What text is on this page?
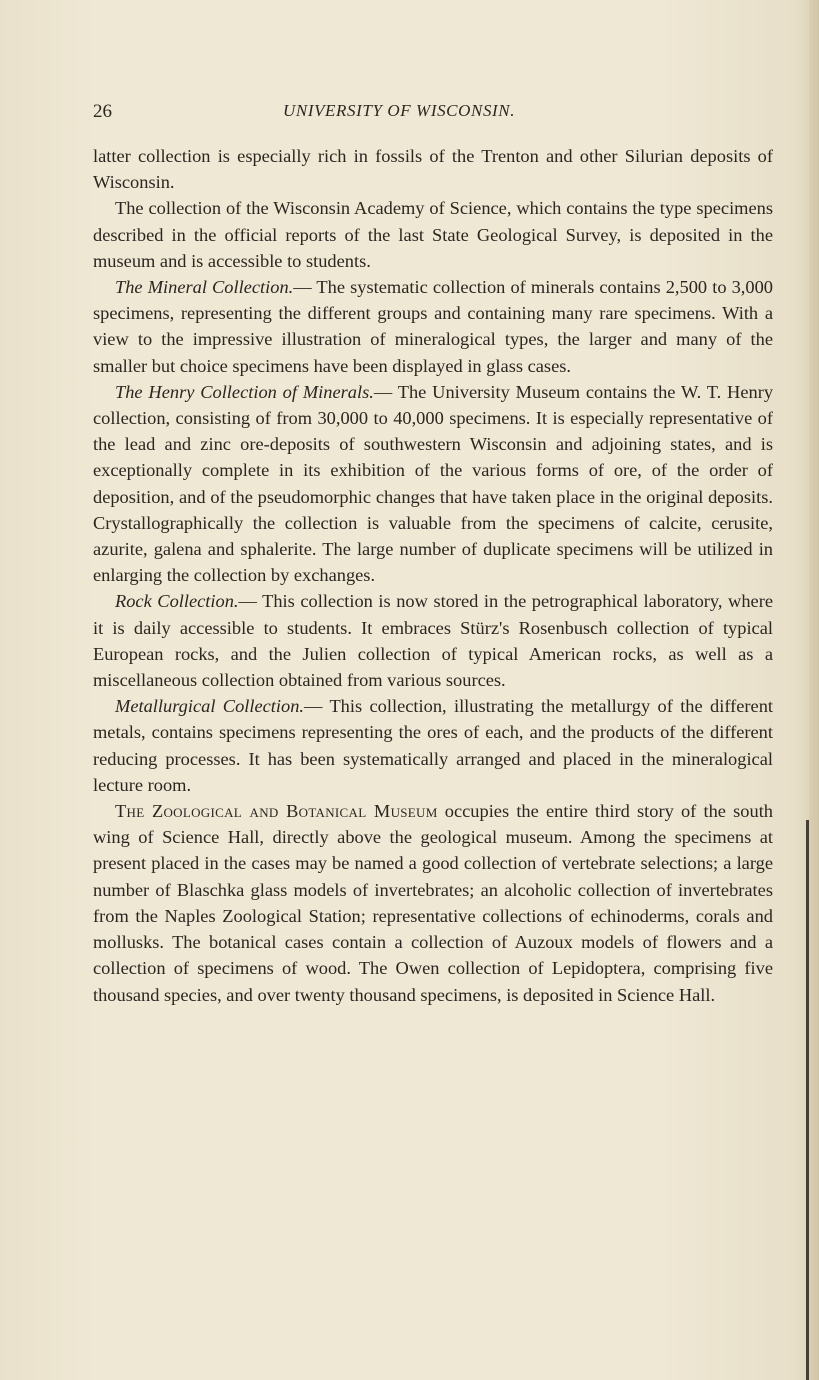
26	UNIVERSITY OF WISCONSIN.

latter collection is especially rich in fossils of the Trenton and other Silurian deposits of Wisconsin.

The collection of the Wisconsin Academy of Science, which contains the type specimens described in the official reports of the last State Geological Survey, is deposited in the museum and is accessible to students.

The Mineral Collection.— The systematic collection of minerals contains 2,500 to 3,000 specimens, representing the different groups and containing many rare specimens. With a view to the impressive illustration of mineralogical types, the larger and many of the smaller but choice specimens have been displayed in glass cases.

The Henry Collection of Minerals.— The University Museum contains the W. T. Henry collection, consisting of from 30,000 to 40,000 specimens. It is especially representative of the lead and zinc ore-deposits of southwestern Wisconsin and adjoining states, and is exceptionally complete in its exhibition of the various forms of ore, of the order of deposition, and of the pseudomorphic changes that have taken place in the original deposits. Crystallographically the collection is valuable from the specimens of calcite, cerusite, azurite, galena and sphalerite. The large number of duplicate specimens will be utilized in enlarging the collection by exchanges.

Rock Collection.— This collection is now stored in the petrographical laboratory, where it is daily accessible to students. It embraces Stürz's Rosenbusch collection of typical European rocks, and the Julien collection of typical American rocks, as well as a miscellaneous collection obtained from various sources.

Metallurgical Collection.— This collection, illustrating the metallurgy of the different metals, contains specimens representing the ores of each, and the products of the different reducing processes. It has been systematically arranged and placed in the mineralogical lecture room.

The Zoological and Botanical Museum occupies the entire third story of the south wing of Science Hall, directly above the geological museum. Among the specimens at present placed in the cases may be named a good collection of vertebrate selections; a large number of Blaschka glass models of invertebrates; an alcoholic collection of invertebrates from the Naples Zoological Station; representative collections of echinoderms, corals and mollusks. The botanical cases contain a collection of Auzoux models of flowers and a collection of specimens of wood. The Owen collection of Lepidoptera, comprising five thousand species, and over twenty thousand specimens, is deposited in Science Hall.
